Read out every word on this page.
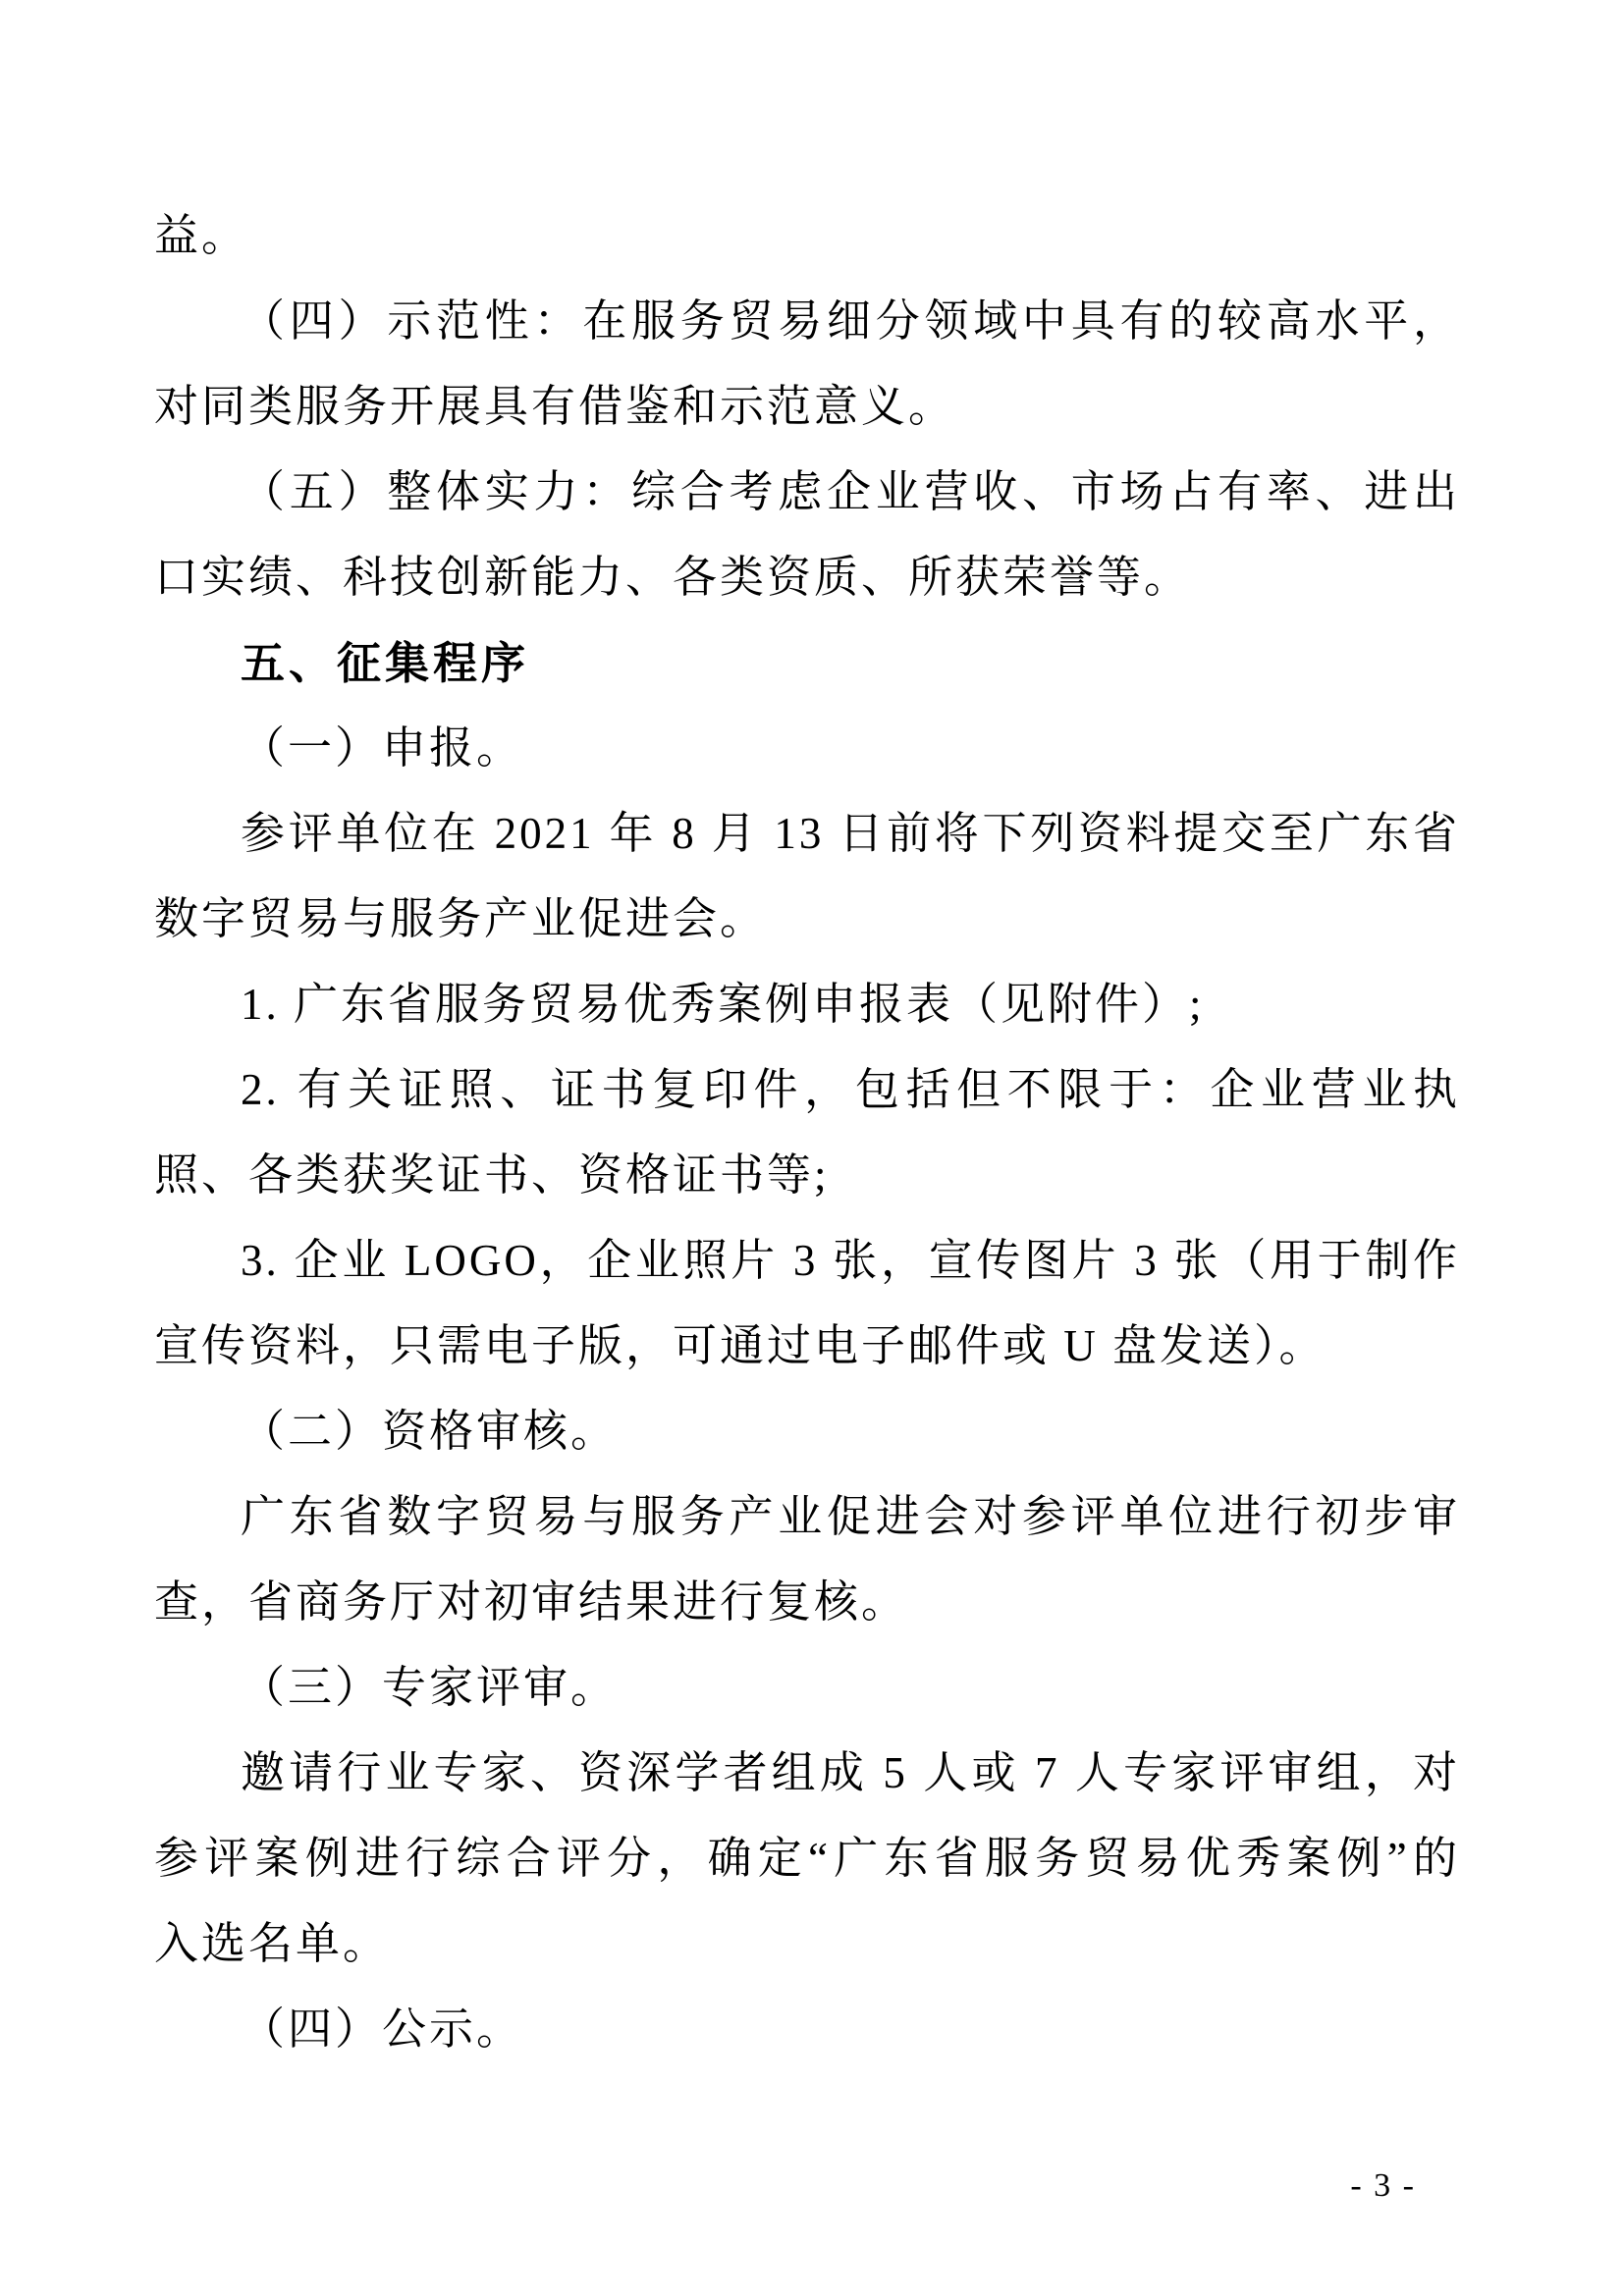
益。
（四）示范性：在服务贸易细分领域中具有的较高水平，
对同类服务开展具有借鉴和示范意义。
（五）整体实力：综合考虑企业营收、市场占有率、进出
口实绩、科技创新能力、各类资质、所获荣誉等。
五、征集程序
（一）申报。
参评单位在 2021 年 8 月 13 日前将下列资料提交至广东省
数字贸易与服务产业促进会。
1. 广东省服务贸易优秀案例申报表（见附件）;
2. 有关证照、证书复印件，包括但不限于：企业营业执
照、各类获奖证书、资格证书等;
3. 企业 LOGO，企业照片 3 张，宣传图片 3 张（用于制作
宣传资料，只需电子版，可通过电子邮件或 U 盘发送）。
（二）资格审核。
广东省数字贸易与服务产业促进会对参评单位进行初步审
查，省商务厅对初审结果进行复核。
（三）专家评审。
邀请行业专家、资深学者组成 5 人或 7 人专家评审组，对
参评案例进行综合评分，确定“广东省服务贸易优秀案例”的
入选名单。
（四）公示。
- 3 -
